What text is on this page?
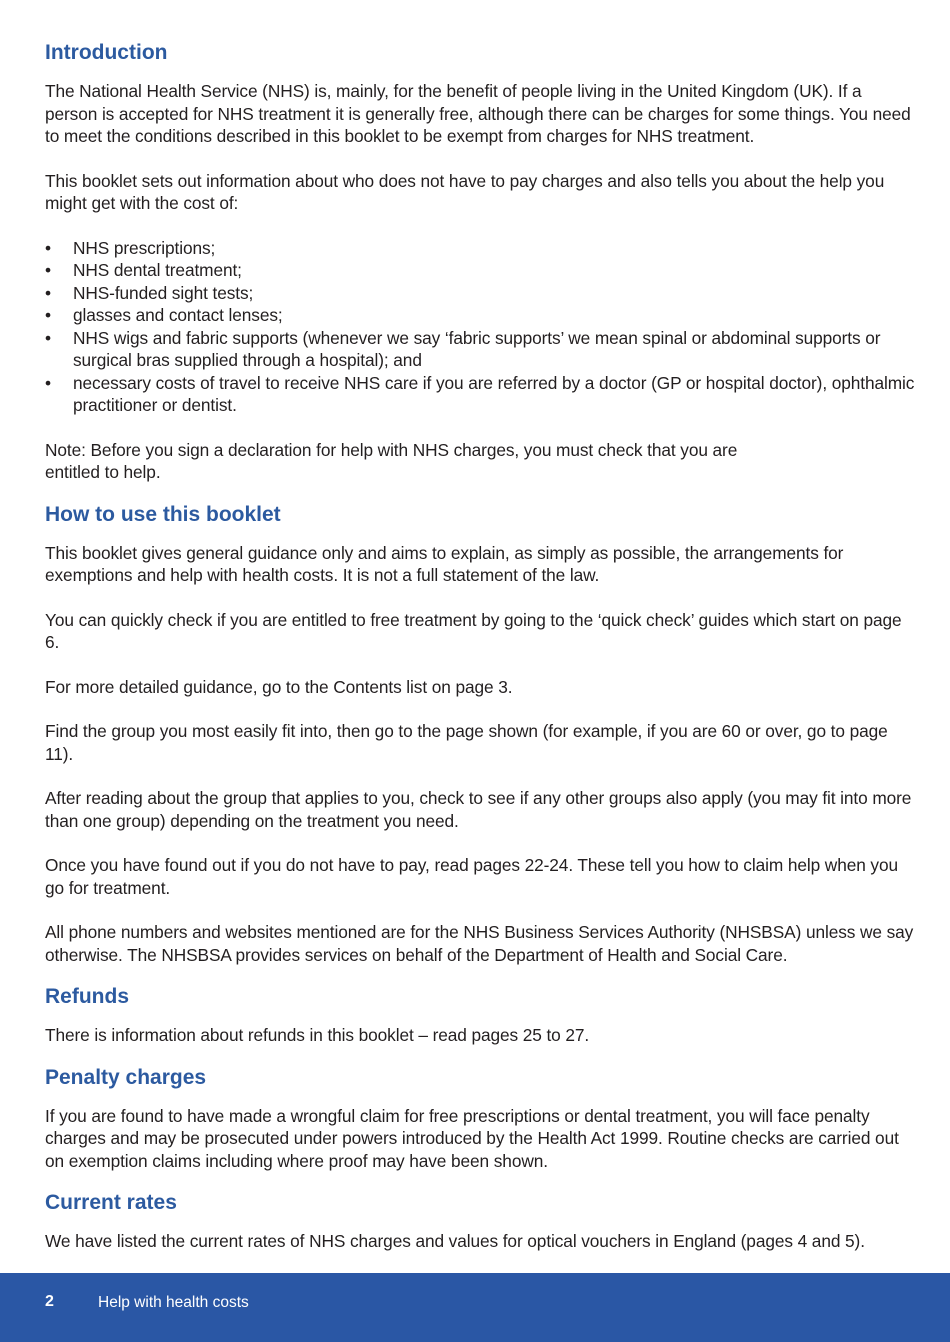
Introduction

The National Health Service (NHS) is, mainly, for the benefit of people living in the United Kingdom (UK). If a person is accepted for NHS treatment it is generally free, although there can be charges for some things. You need to meet the conditions described in this booklet to be exempt from charges for NHS treatment.

This booklet sets out information about who does not have to pay charges and also tells you about the help you might get with the cost of:

• NHS prescriptions;
• NHS dental treatment;
• NHS-funded sight tests;
• glasses and contact lenses;
• NHS wigs and fabric supports (whenever we say ‘fabric supports’ we mean spinal or abdominal supports or surgical bras supplied through a hospital); and
• necessary costs of travel to receive NHS care if you are referred by a doctor (GP or hospital doctor), ophthalmic practitioner or dentist.

Note: Before you sign a declaration for help with NHS charges, you must check that you are entitled to help.

How to use this booklet

This booklet gives general guidance only and aims to explain, as simply as possible, the arrangements for exemptions and help with health costs. It is not a full statement of the law.

You can quickly check if you are entitled to free treatment by going to the ‘quick check’ guides which start on page 6.

For more detailed guidance, go to the Contents list on page 3.

Find the group you most easily fit into, then go to the page shown (for example, if you are 60 or over, go to page 11).

After reading about the group that applies to you, check to see if any other groups also apply (you may fit into more than one group) depending on the treatment you need.

Once you have found out if you do not have to pay, read pages 22-24. These tell you how to claim help when you go for treatment.

All phone numbers and websites mentioned are for the NHS Business Services Authority (NHSBSA) unless we say otherwise. The NHSBSA provides services on behalf of the Department of Health and Social Care.

Refunds

There is information about refunds in this booklet – read pages 25 to 27.

Penalty charges

If you are found to have made a wrongful claim for free prescriptions or dental treatment, you will face penalty charges and may be prosecuted under powers introduced by the Health Act 1999. Routine checks are carried out on exemption claims including where proof may have been shown.

Current rates

We have listed the current rates of NHS charges and values for optical vouchers in England (pages 4 and 5).

2	Help with health costs
